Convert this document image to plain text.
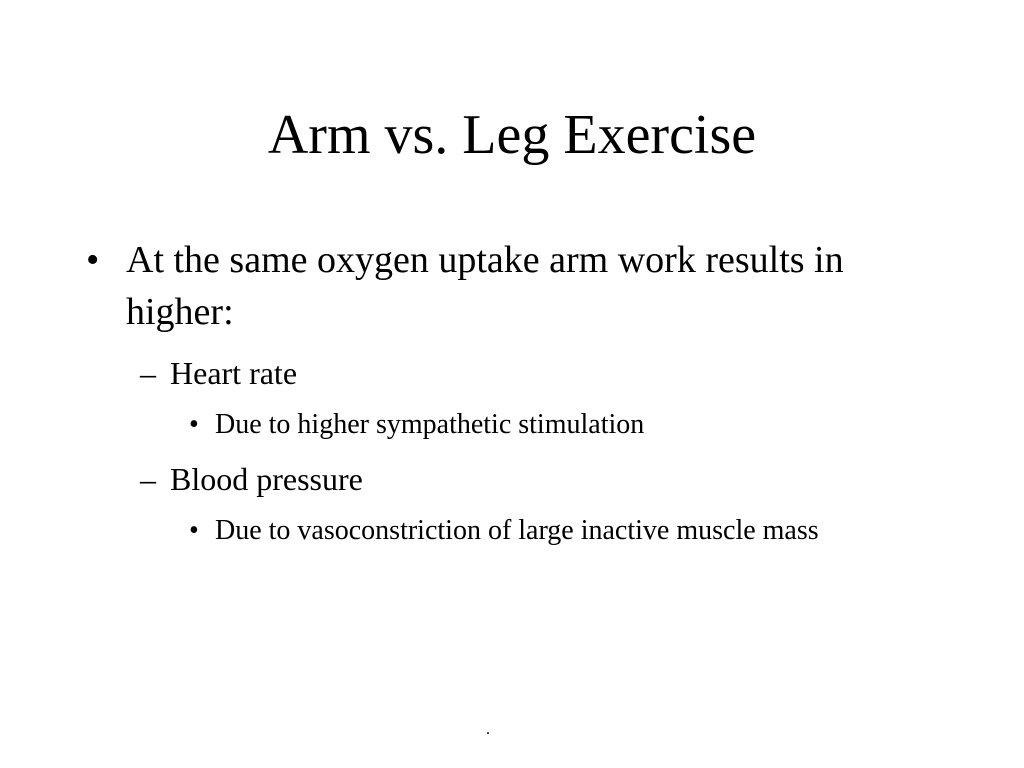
Arm vs. Leg Exercise
• At the same oxygen uptake arm work results in higher:
– Heart rate
• Due to higher sympathetic stimulation
– Blood pressure
• Due to vasoconstriction of large inactive muscle mass
.
